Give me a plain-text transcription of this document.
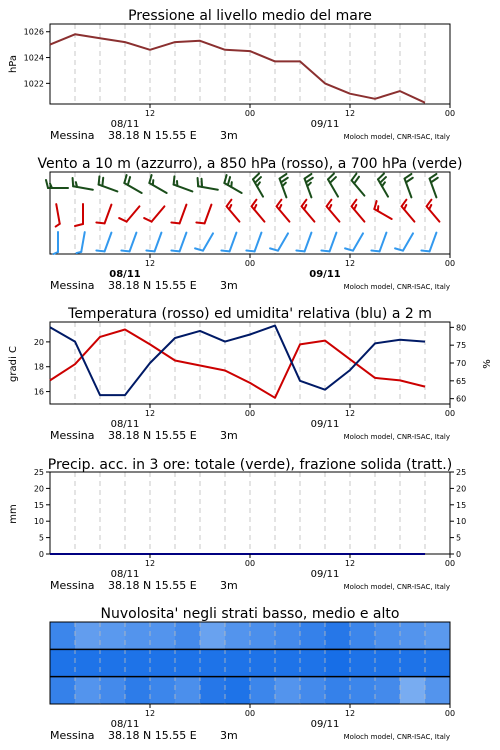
Pressione al livello medio del mare
1022
1024
1026
hPa
12	00	12	00
08/11	09/11
Messina 38.18 N 15.55 E 3m	Moloch model, CNR-ISAC, Italy
Vento a 10 m (azzurro), a 850 hPa (rosso), a 700 hPa (verde)
12	00	12	00
08/11	09/11
Messina 38.18 N 15.55 E 3m	Moloch model, CNR-ISAC, Italy
Temperatura (rosso) ed umidita' relativa (blu) a 2 m
16
18
20
60
65
70
75
80
gradi C	%
12	00	12	00
08/11	09/11
Messina 38.18 N 15.55 E 3m	Moloch model, CNR-ISAC, Italy
Precip. acc. in 3 ore: totale (verde), frazione solida (tratt.)
0
5
10
15
20
25
0
5
10
15
20
25
mm
12	00	12	00
08/11	09/11
Messina 38.18 N 15.55 E 3m	Moloch model, CNR-ISAC, Italy
Nuvolosita' negli strati basso, medio e alto
12	00	12	00
08/11	09/11
Messina 38.18 N 15.55 E 3m	Moloch model, CNR-ISAC, Italy
